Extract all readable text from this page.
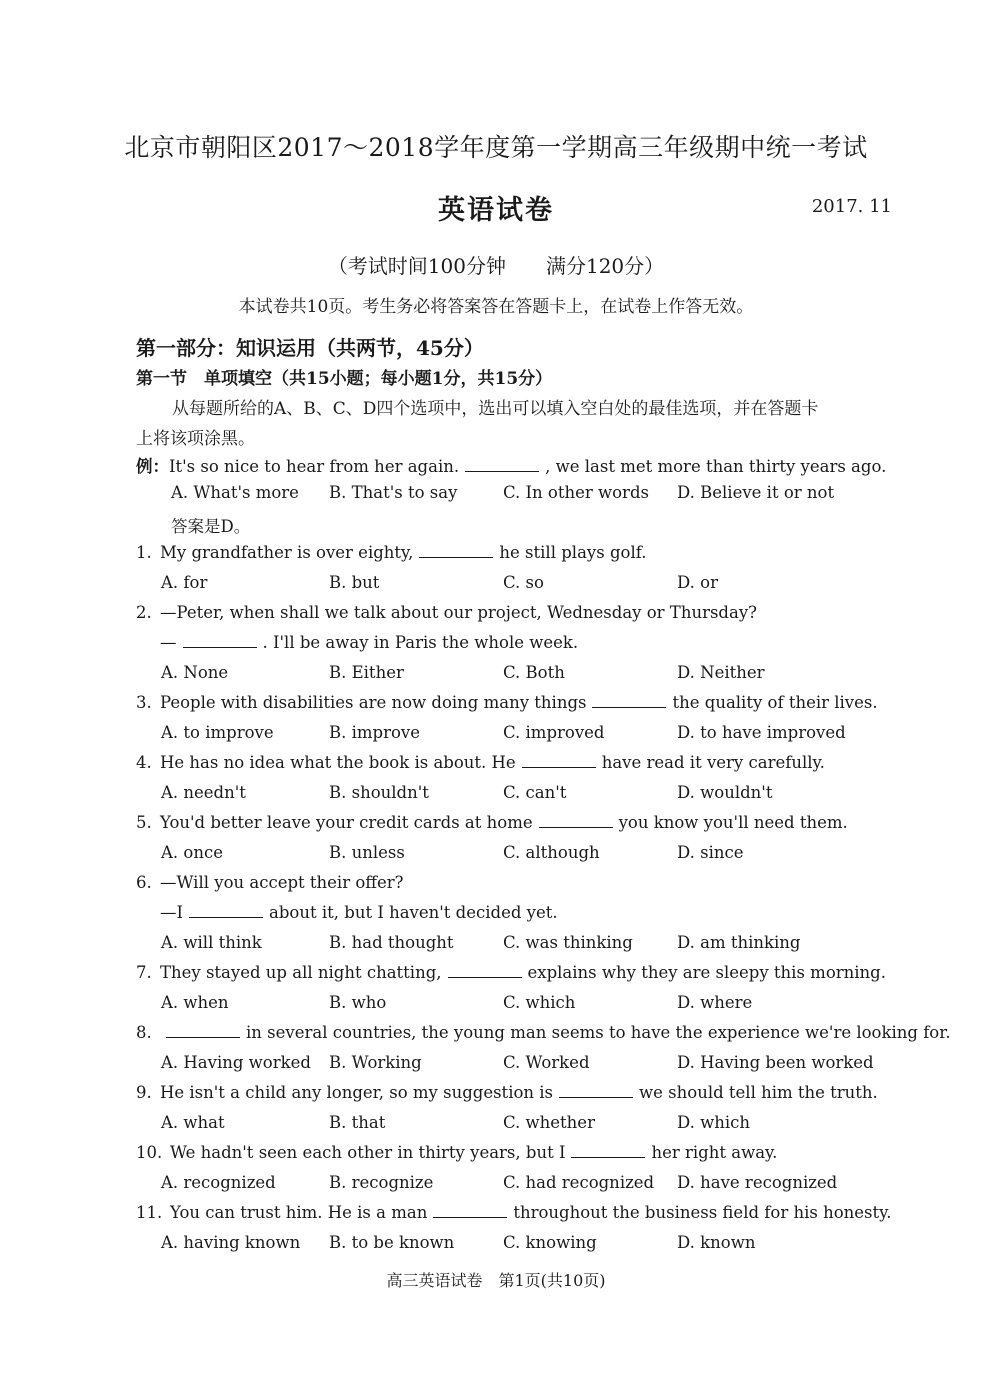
北京市朝阳区2017～2018学年度第一学期高三年级期中统一考试
英语试卷	2017. 11
（考试时间100分钟　　满分120分）
本试卷共10页。考生务必将答案答在答题卡上，在试卷上作答无效。
第一部分：知识运用（共两节，45分）
第一节　单项填空（共15小题；每小题1分，共15分）
从每题所给的A、B、C、D四个选项中，选出可以填入空白处的最佳选项，并在答题卡
上将该项涂黑。
例：It's so nice to hear from her again.	, we last met more than thirty years ago.
A. What's more B. That's to say	C. In other words D. Believe it or not
答案是D。
1. My grandfather is over eighty,	he still plays golf.
A. for	B. but	C. so	D. or
2. —Peter, when shall we talk about our project, Wednesday or Thursday?
—	. I'll be away in Paris the whole week.
A. None	B. Either	C. Both	D. Neither
3. People with disabilities are now doing many things	the quality of their lives.
A. to improve	B. improve	C. improved	D. to have improved
4. He has no idea what the book is about. He	have read it very carefully.
A. needn't	B. shouldn't	C. can't	D. wouldn't
5. You'd better leave your credit cards at home	you know you'll need them.
A. once	B. unless	C. although	D. since
6. —Will you accept their offer?
—I	about it, but I haven't decided yet.
A. will think	B. had thought	C. was thinking	D. am thinking
7. They stayed up all night chatting,	explains why they are sleepy this morning.
A. when	B. who	C. which	D. where
8.	in several countries, the young man seems to have the experience we're looking for.
A. Having worked B. Working	C. Worked	D. Having been worked
9. He isn't a child any longer, so my suggestion is	we should tell him the truth.
A. what	B. that	C. whether	D. which
10. We hadn't seen each other in thirty years, but I	her right away.
A. recognized	B. recognize	C. had recognized D. have recognized
11. You can trust him. He is a man	throughout the business field for his honesty.
A. having known B. to be known	C. knowing	D. known
高三英语试卷　第1页(共10页)
